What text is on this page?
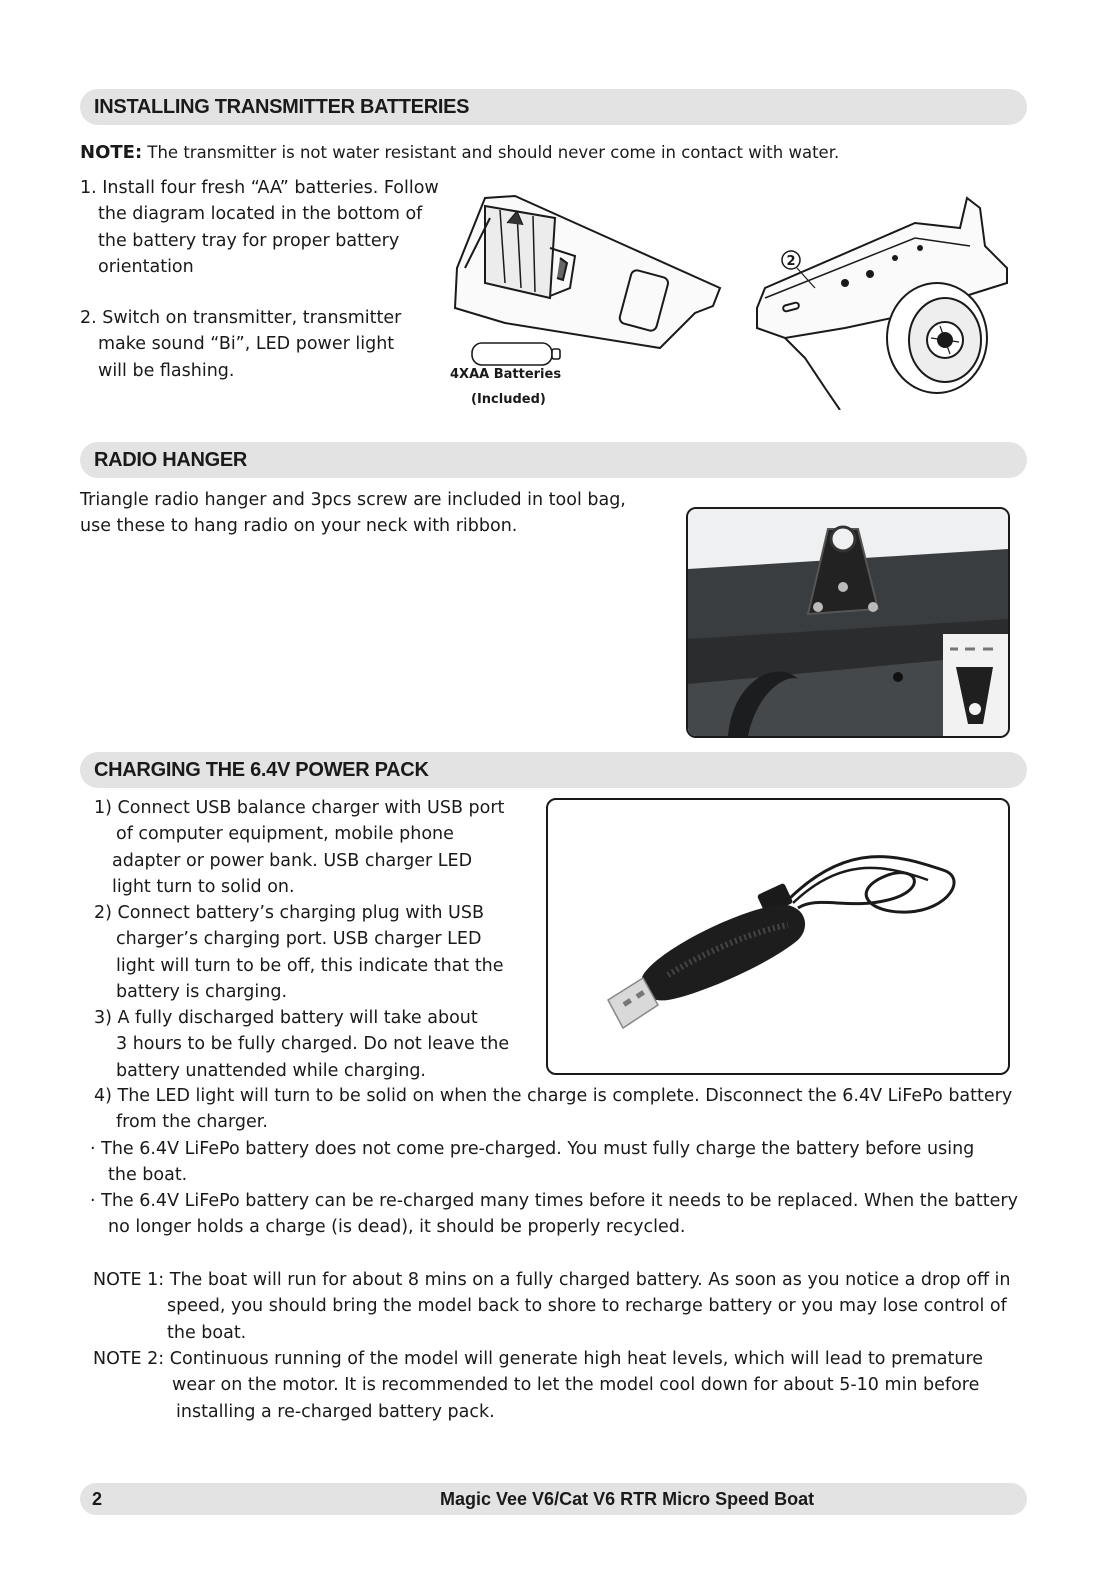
INSTALLING TRANSMITTER BATTERIES
NOTE: The transmitter is not water resistant and should never come in contact with water.
1. Install four fresh “AA” batteries. Follow
the diagram located in the bottom of
the battery tray for proper battery
orientation
2. Switch on transmitter, transmitter
make sound “Bi”, LED power light
will be flashing.	4XAA Batteries
(Included)
2
RADIO HANGER
Triangle radio hanger and 3pcs screw are included in tool bag,
use these to hang radio on your neck with ribbon.
CHARGING THE 6.4V POWER PACK
1) Connect USB balance charger with USB port
of computer equipment, mobile phone
adapter or power bank. USB charger LED
light turn to solid on.
2) Connect battery’s charging plug with USB
charger’s charging port. USB charger LED
light will turn to be off, this indicate that the
battery is charging.
3) A fully discharged battery will take about
3 hours to be fully charged. Do not leave the
battery unattended while charging.
4) The LED light will turn to be solid on when the charge is complete. Disconnect the 6.4V LiFePo battery
from the charger.
· The 6.4V LiFePo battery does not come pre-charged. You must fully charge the battery before using
the boat.
· The 6.4V LiFePo battery can be re-charged many times before it needs to be replaced. When the battery
no longer holds a charge (is dead), it should be properly recycled.
NOTE 1: The boat will run for about 8 mins on a fully charged battery. As soon as you notice a drop off in
speed, you should bring the model back to shore to recharge battery or you may lose control of
the boat.
NOTE 2: Continuous running of the model will generate high heat levels, which will lead to premature
wear on the motor. It is recommended to let the model cool down for about 5-10 min before
installing a re-charged battery pack.
2	Magic Vee V6/Cat V6 RTR Micro Speed Boat
